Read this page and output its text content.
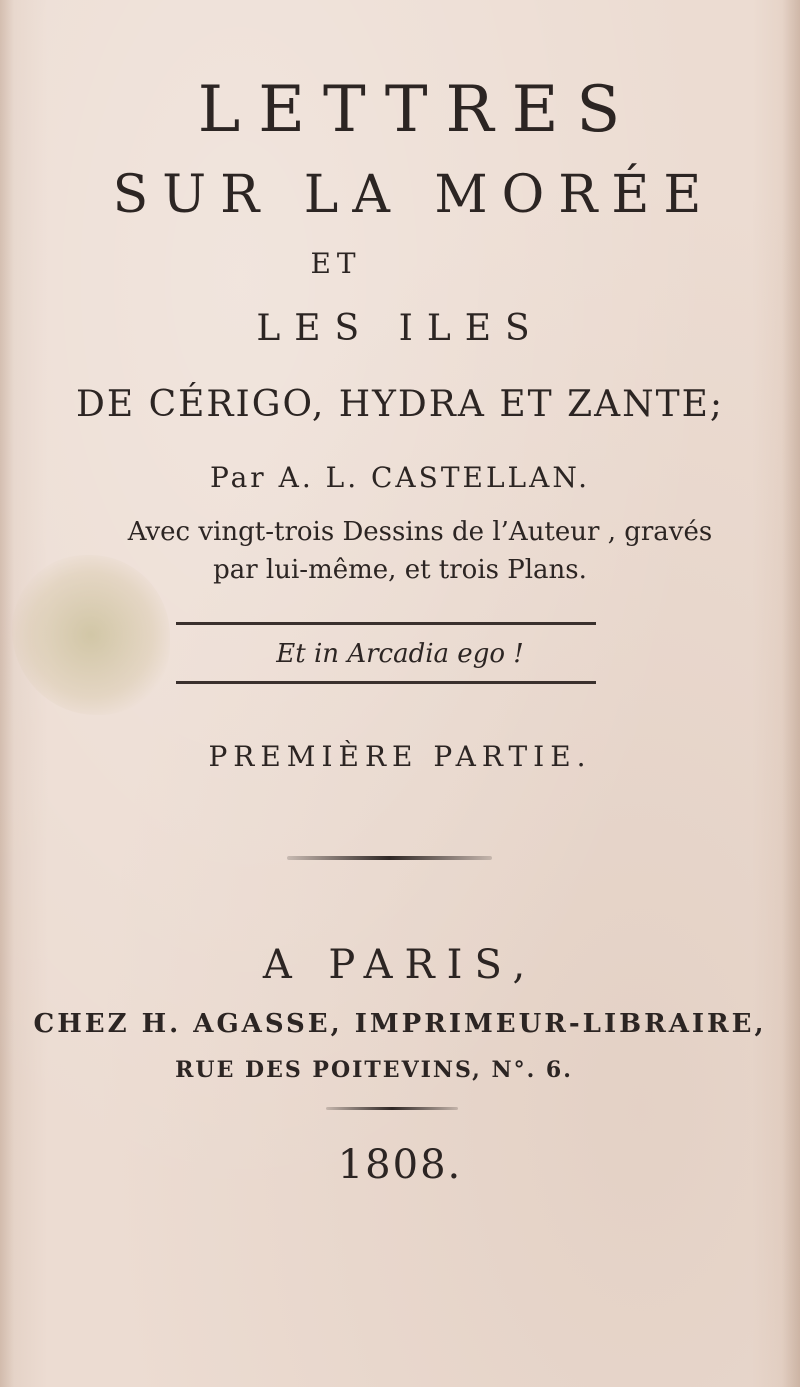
LETTRES

SUR LA MORÉE

ET

LES ILES

DE CÉRIGO, HYDRA ET ZANTE;

Par A. L. CASTELLAN.

Avec vingt-trois Dessins de l’Auteur , gravés

par lui-même, et trois Plans.

Et in Arcadia ego !

PREMIÈRE PARTIE.

A PARIS,

CHEZ H. AGASSE, IMPRIMEUR-LIBRAIRE,

RUE DES POITEVINS, N°. 6.

1808.
